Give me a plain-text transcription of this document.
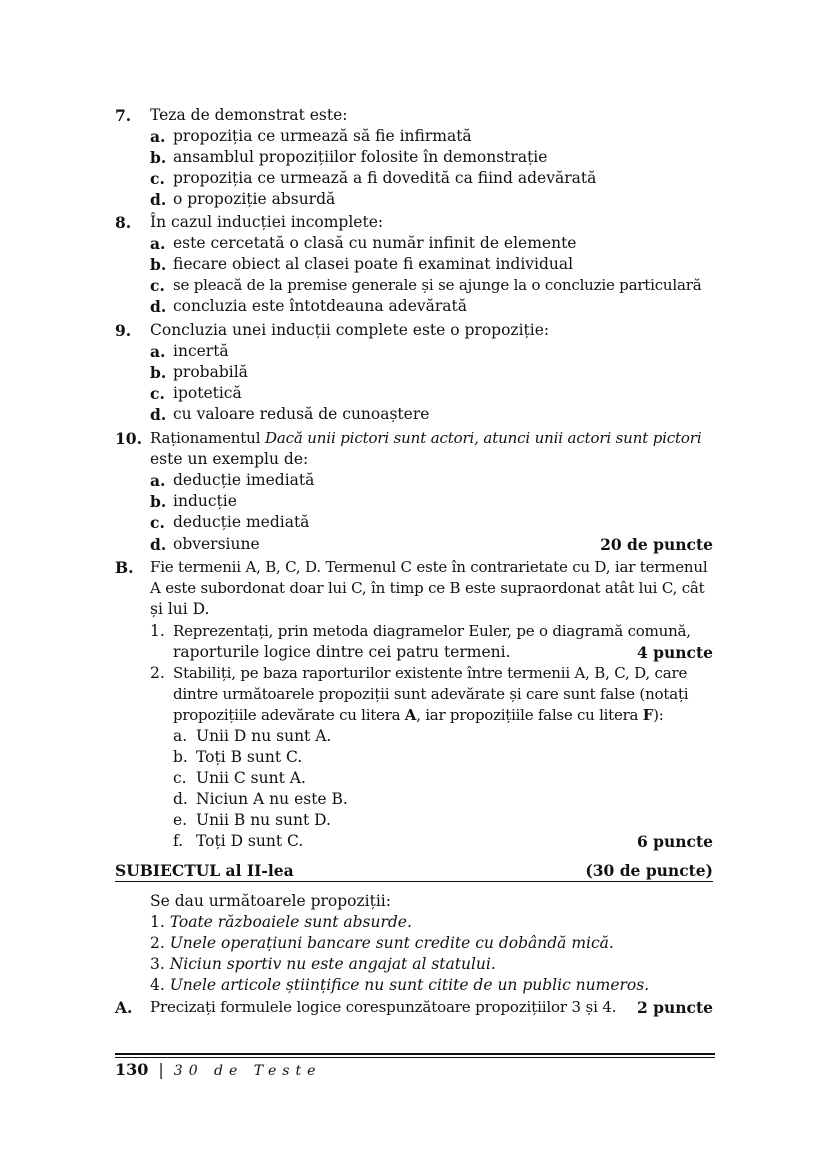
7. Teza de demonstrat este:
a. propoziția ce urmează să fie infirmată
b. ansamblul propozițiilor folosite în demonstrație
c. propoziția ce urmează a fi dovedită ca fiind adevărată
d. o propoziție absurdă
8. În cazul inducției incomplete:
a. este cercetată o clasă cu număr infinit de elemente
b. fiecare obiect al clasei poate fi examinat individual
c. se pleacă de la premise generale și se ajunge la o concluzie particulară
d. concluzia este întotdeauna adevărată
9. Concluzia unei inducții complete este o propoziție:
a. incertă
b. probabilă
c. ipotetică
d. cu valoare redusă de cunoaștere
10. Raționamentul Dacă unii pictori sunt actori, atunci unii actori sunt pictori
este un exemplu de:
a. deducție imediată
b. inducție
c. deducție mediată
d. obversiune	20 de puncte
B. Fie termenii A, B, C, D. Termenul C este în contrarietate cu D, iar termenul
A este subordonat doar lui C, în timp ce B este supraordonat atât lui C, cât
și lui D.
1. Reprezentați, prin metoda diagramelor Euler, pe o diagramă comună,
raporturile logice dintre cei patru termeni.	4 puncte
2. Stabiliți, pe baza raporturilor existente între termenii A, B, C, D, care
dintre următoarele propoziții sunt adevărate și care sunt false (notați
propozițiile adevărate cu litera A, iar propozițiile false cu litera F):
a. Unii D nu sunt A.
b. Toți B sunt C.
c. Unii C sunt A.
d. Niciun A nu este B.
e. Unii B nu sunt D.
f. Toți D sunt C.	6 puncte
SUBIECTUL al II-lea	(30 de puncte)
Se dau următoarele propoziții:
1. Toate războaiele sunt absurde.
2. Unele operațiuni bancare sunt credite cu dobândă mică.
3. Niciun sportiv nu este angajat al statului.
4. Unele articole științifice nu sunt citite de un public numeros.
A. Precizați formulele logice corespunzătoare propozițiilor 3 și 4. 2 puncte
130 | 30 de Teste
